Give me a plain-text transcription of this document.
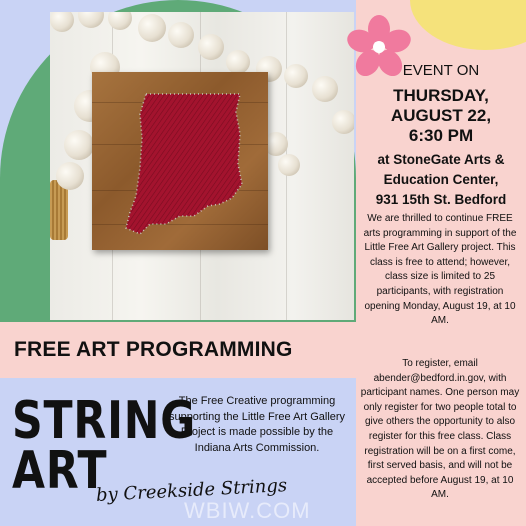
EVENT ON
THURSDAY,
AUGUST 22,
6:30 PM
at StoneGate Arts &
Education Center,
931 15th St. Bedford
We are thrilled to continue FREE arts programming in support of the Little Free Art Gallery project. This class is free to attend; however, class size is limited to 25 participants, with registration opening Monday, August 19, at 10 AM.
To register, email abender@bedford.in.gov, with participant names. One person may only register for two people total to give others the opportunity to also register for this free class. Class registration will be on a first come, first served basis, and will not be accepted before August 19, at 10 AM.
FREE ART PROGRAMMING
STRING
ART
by Creekside Strings
The Free Creative programming supporting the Little Free Art Gallery Project is made possible by the Indiana Arts Commission.
WBIW.COM
